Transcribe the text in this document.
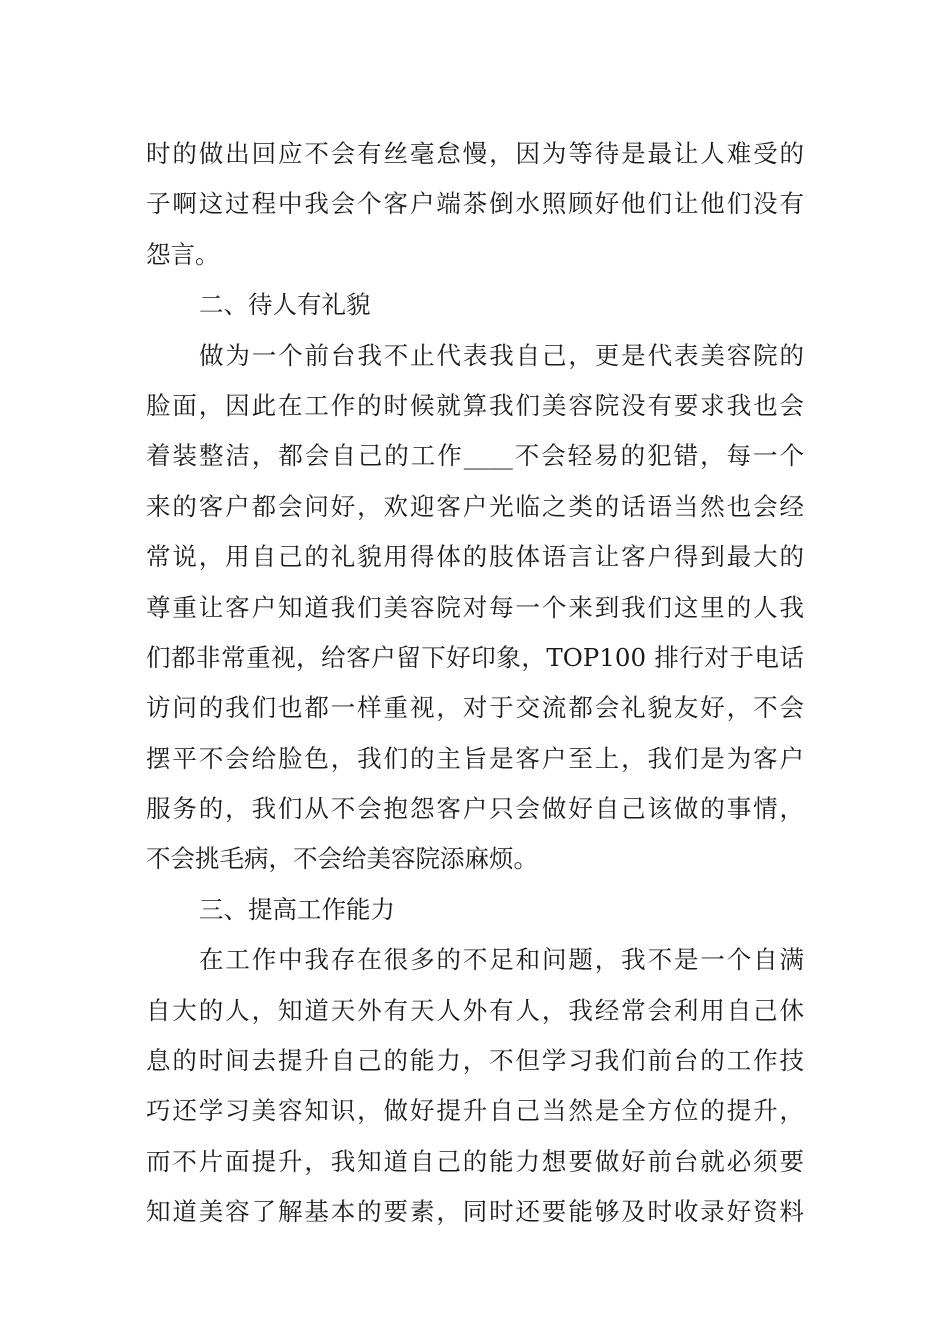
时的做出回应不会有丝毫怠慢，因为等待是最让人难受的
子啊这过程中我会个客户端茶倒水照顾好他们让他们没有
怨言。
二、待人有礼貌
做为一个前台我不止代表我自己，更是代表美容院的
脸面，因此在工作的时候就算我们美容院没有要求我也会
着装整洁，都会自己的工作____不会轻易的犯错，每一个
来的客户都会问好，欢迎客户光临之类的话语当然也会经
常说，用自己的礼貌用得体的肢体语言让客户得到最大的
尊重让客户知道我们美容院对每一个来到我们这里的人我
们都非常重视，给客户留下好印象，TOP100 排行对于电话
访问的我们也都一样重视，对于交流都会礼貌友好，不会
摆平不会给脸色，我们的主旨是客户至上，我们是为客户
服务的，我们从不会抱怨客户只会做好自己该做的事情，
不会挑毛病，不会给美容院添麻烦。
三、提高工作能力
在工作中我存在很多的不足和问题，我不是一个自满
自大的人，知道天外有天人外有人，我经常会利用自己休
息的时间去提升自己的能力，不但学习我们前台的工作技
巧还学习美容知识，做好提升自己当然是全方位的提升，
而不片面提升，我知道自己的能力想要做好前台就必须要
知道美容了解基本的要素，同时还要能够及时收录好资料
